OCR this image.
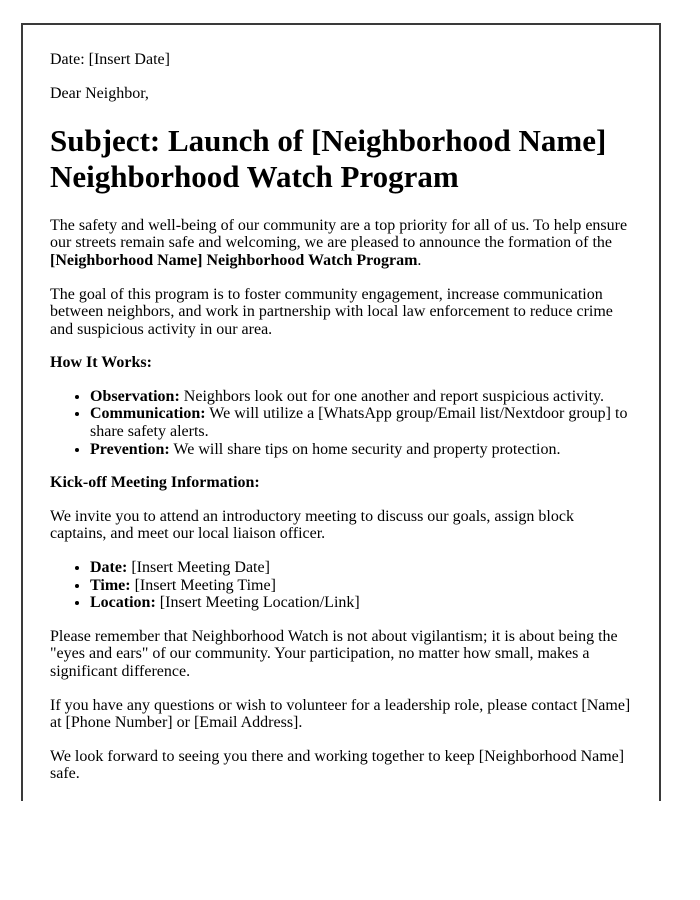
Date: [Insert Date]

Dear Neighbor,

Subject: Launch of [Neighborhood Name] Neighborhood Watch Program

The safety and well-being of our community are a top priority for all of us. To help ensure our streets remain safe and welcoming, we are pleased to announce the formation of the [Neighborhood Name] Neighborhood Watch Program.

The goal of this program is to foster community engagement, increase communication between neighbors, and work in partnership with local law enforcement to reduce crime and suspicious activity in our area.

How It Works:

• Observation: Neighbors look out for one another and report suspicious activity.
• Communication: We will utilize a [WhatsApp group/Email list/Nextdoor group] to share safety alerts.
• Prevention: We will share tips on home security and property protection.

Kick-off Meeting Information:

We invite you to attend an introductory meeting to discuss our goals, assign block captains, and meet our local liaison officer.

• Date: [Insert Meeting Date]
• Time: [Insert Meeting Time]
• Location: [Insert Meeting Location/Link]

Please remember that Neighborhood Watch is not about vigilantism; it is about being the "eyes and ears" of our community. Your participation, no matter how small, makes a significant difference.

If you have any questions or wish to volunteer for a leadership role, please contact [Name] at [Phone Number] or [Email Address].

We look forward to seeing you there and working together to keep [Neighborhood Name] safe.
